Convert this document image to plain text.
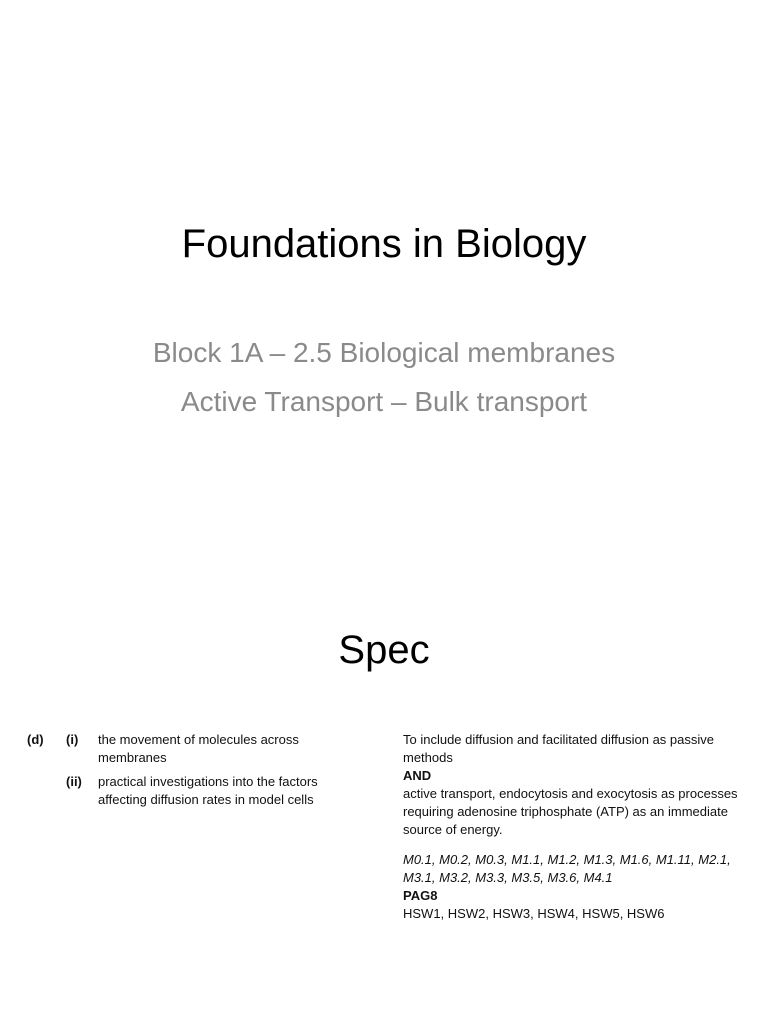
Foundations in Biology
Block 1A – 2.5 Biological membranes
Active Transport – Bulk transport
Spec
(d) (i) the movement of molecules across membranes
(ii) practical investigations into the factors affecting diffusion rates in model cells

To include diffusion and facilitated diffusion as passive methods

AND

active transport, endocytosis and exocytosis as processes requiring adenosine triphosphate (ATP) as an immediate source of energy.

M0.1, M0.2, M0.3, M1.1, M1.2, M1.3, M1.6, M1.11, M2.1, M3.1, M3.2, M3.3, M3.5, M3.6, M4.1

PAG8

HSW1, HSW2, HSW3, HSW4, HSW5, HSW6
